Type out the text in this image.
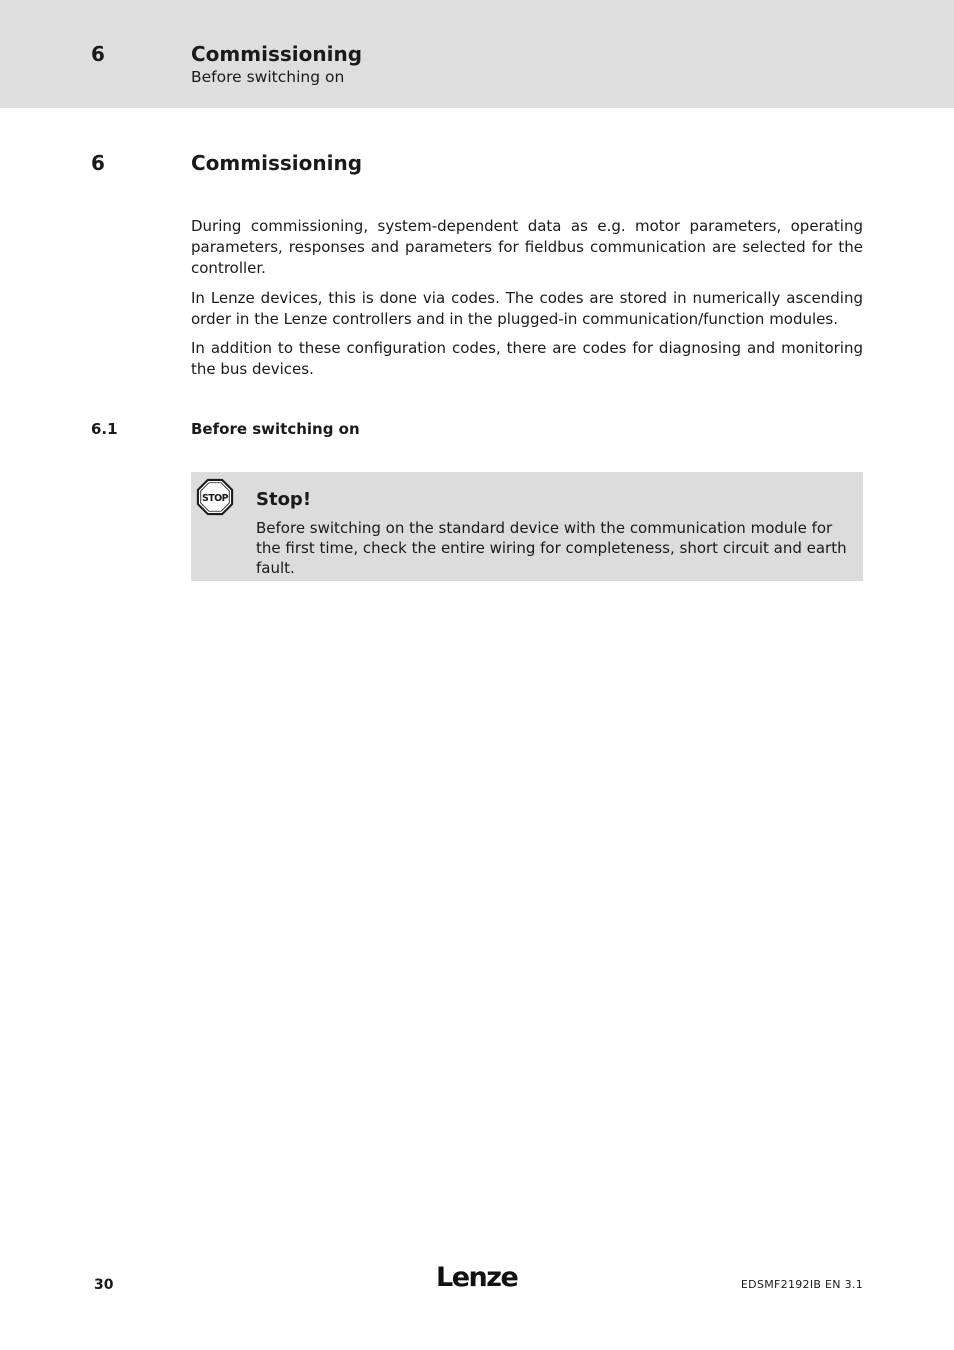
6	Commissioning
Before switching on
6	Commissioning

During commissioning, system-dependent data as e.g. motor parameters, operating parameters, responses and parameters for fieldbus communication are selected for the controller.

In Lenze devices, this is done via codes. The codes are stored in numerically ascending order in the Lenze controllers and in the plugged-in communication/function modules.

In addition to these configuration codes, there are codes for diagnosing and monitoring the bus devices.

6.1	Before switching on
STOP Stop!

Before switching on the standard device with the communication module for the first time, check the entire wiring for completeness, short circuit and earth fault.

30	Lenze	EDSMF2192IB EN 3.1
